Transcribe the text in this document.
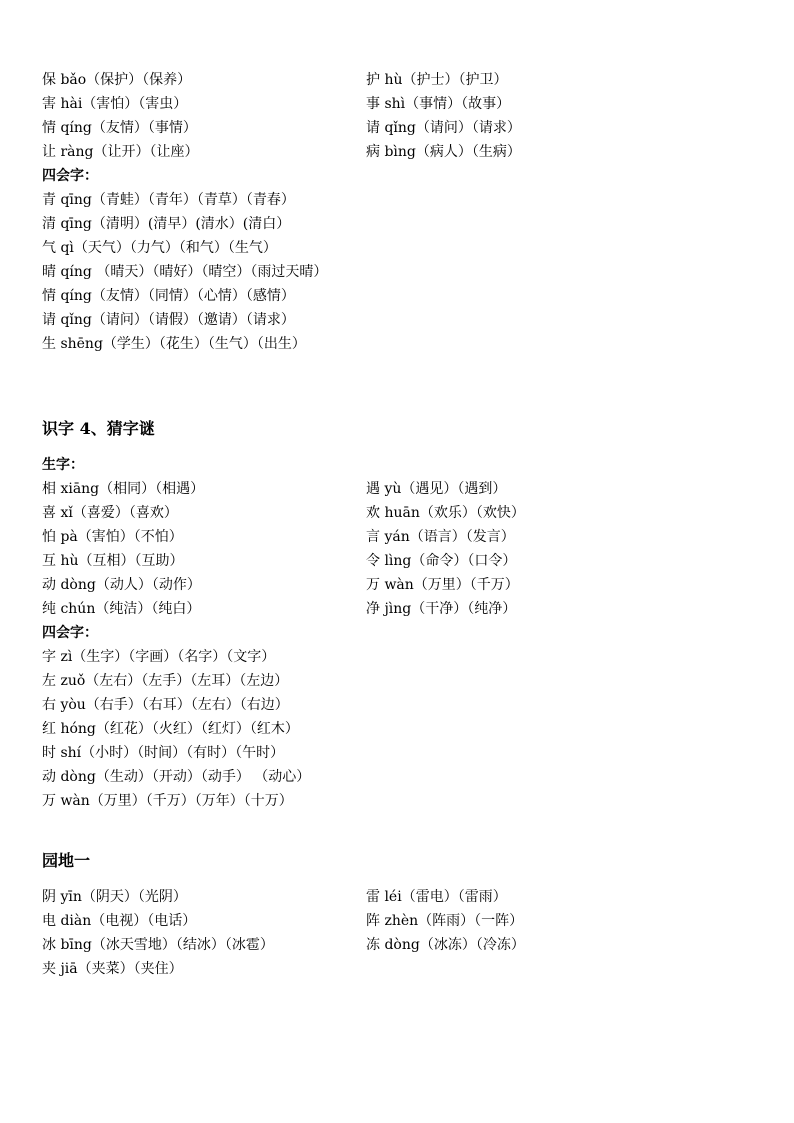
保 bǎo（保护）（保养）	护 hù（护士）（护卫）
害 hài（害怕）（害虫）	事 shì（事情）（故事）
情 qíng（友情）（事情）	请 qǐng（请问）（请求）
让 ràng（让开）（让座）	病 bìng（病人）（生病）
四会字：
青 qīng（青蛙）（青年）（青草）（青春）
清 qīng（清明）(清早）(清水）(清白）
气 qì（天气）（力气）（和气）（生气）
晴 qíng （晴天）（晴好）（晴空）（雨过天晴）
情 qíng（友情）（同情）（心情）（感情）
请 qǐng（请问）（请假）（邀请）（请求）
生 shēng（学生）（花生）（生气）（出生）
识字 4、猜字谜
生字：
相 xiāng（相同）（相遇）	遇 yù（遇见）（遇到）
喜 xǐ（喜爱）（喜欢）	欢 huān（欢乐）（欢快）
怕 pà（害怕）（不怕）	言 yán（语言）（发言）
互 hù（互相）（互助）	令 lìng（命令）（口令）
动 dòng（动人）（动作）	万 wàn（万里）（千万）
纯 chún（纯洁）（纯白）	净 jìng（干净）（纯净）
四会字：
字 zì（生字）（字画）（名字）（文字）
左 zuǒ（左右）（左手）（左耳）（左边）
右 yòu（右手）（右耳）（左右）（右边）
红 hóng（红花）（火红）（红灯）（红木）
时 shí（小时）（时间）（有时）（午时）
动 dòng（生动）（开动）（动手） （动心）
万 wàn（万里）（千万）（万年）（十万）
园地一
阴 yīn（阴天）（光阴）	雷 léi（雷电）（雷雨）
电 diàn（电视）（电话）	阵 zhèn（阵雨）（一阵）
冰 bīng（冰天雪地）（结冰）（冰雹）	冻 dòng（冰冻）（冷冻）
夹 jiā（夹菜）（夹住）
